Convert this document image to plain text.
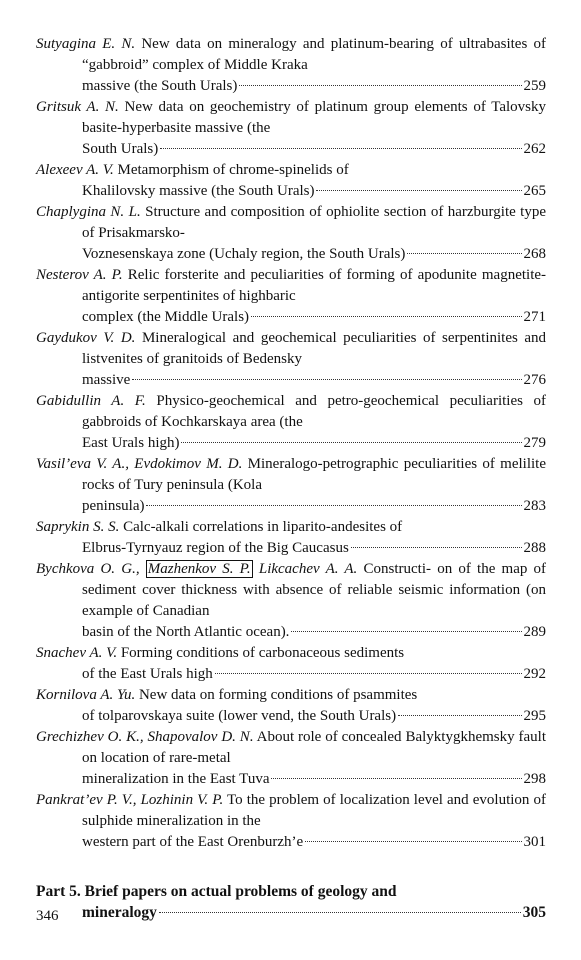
Sutyagina E. N. New data on mineralogy and platinum-bearing of ultrabasites of “gabbroid” complex of Middle Kraka
massive (the South Urals)	259
Gritsuk A. N. New data on geochemistry of platinum group elements of Talovsky basite-hyperbasite massive (the
South Urals)	262
Alexeev A. V. Metamorphism of chrome-spinelids of
Khalilovsky massive (the South Urals)	265
Chaplygina N. L. Structure and composition of ophiolite section of harzburgite type of Prisakmarsko-
Voznesenskaya zone (Uchaly region, the South Urals)	268
Nesterov A. P. Relic forsterite and peculiarities of forming of apodunite magnetite-antigorite serpentinites of highbaric
complex (the Middle Urals)	271
Gaydukov V. D. Mineralogical and geochemical peculiarities of serpentinites and listvenites of granitoids of Bedensky
massive	276
Gabidullin A. F. Physico-geochemical and petro-geochemical peculiarities of gabbroids of Kochkarskaya area (the
East Urals high)	279
Vasil’eva V. A., Evdokimov M. D. Mineralogo-petrographic peculiarities of melilite rocks of Tury peninsula (Kola
peninsula)	283
Saprykin S. S. Calc-alkali correlations in liparito-andesites of
Elbrus-Tyrnyauz region of the Big Caucasus	288
Bychkova O. G., Mazhenkov S. P. Likcachev A. A. Constructi- on of the map of sediment cover thickness with absence of reliable seismic information (on example of Canadian
basin of the North Atlantic ocean).	289
Snachev A. V. Forming conditions of carbonaceous sediments
of the East Urals high	292
Kornilova A. Yu. New data on forming conditions of psammites
of tolparovskaya suite (lower vend, the South Urals)	295
Grechizhev O. K., Shapovalov D. N. About role of concealed Balyktygkhemsky fault on location of rare-metal
mineralization in the East Tuva	298
Pankrat’ev P. V., Lozhinin V. P. To the problem of localization level and evolution of sulphide mineralization in the
western part of the East Orenburzh’e	301
Part 5. Brief papers on actual problems of geology and
mineralogy	305
346
